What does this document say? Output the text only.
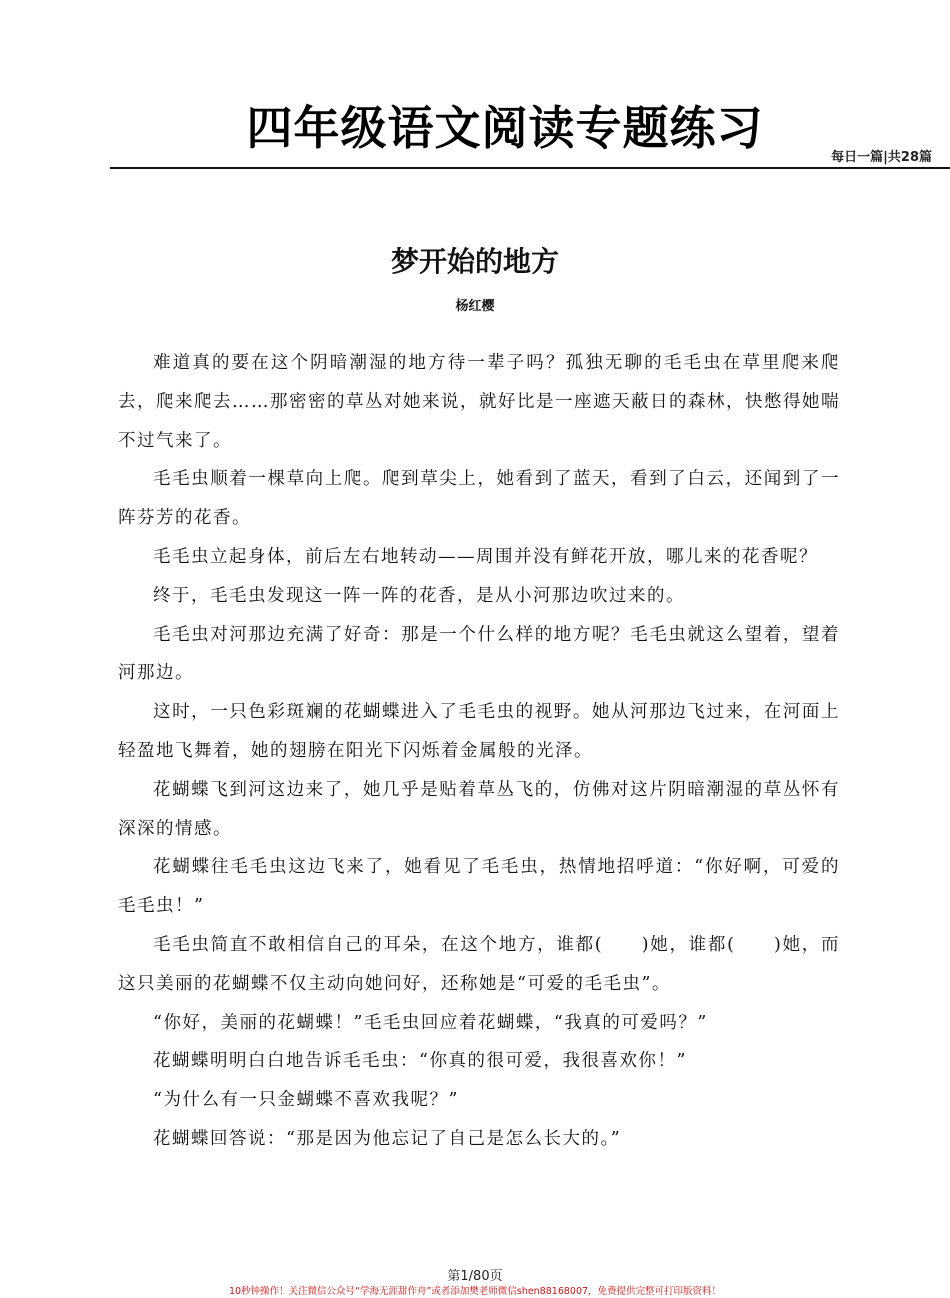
四年级语文阅读专题练习
每日一篇|共28篇
梦开始的地方
杨红樱

难道真的要在这个阴暗潮湿的地方待一辈子吗？孤独无聊的毛毛虫在草里爬来爬去，爬来爬去……那密密的草丛对她来说，就好比是一座遮天蔽日的森林，快憋得她喘不过气来了。

毛毛虫顺着一棵草向上爬。爬到草尖上，她看到了蓝天，看到了白云，还闻到了一阵芬芳的花香。

毛毛虫立起身体，前后左右地转动——周围并没有鲜花开放，哪儿来的花香呢？

终于，毛毛虫发现这一阵一阵的花香，是从小河那边吹过来的。

毛毛虫对河那边充满了好奇：那是一个什么样的地方呢？毛毛虫就这么望着，望着河那边。

这时，一只色彩斑斓的花蝴蝶进入了毛毛虫的视野。她从河那边飞过来，在河面上轻盈地飞舞着，她的翅膀在阳光下闪烁着金属般的光泽。

花蝴蝶飞到河这边来了，她几乎是贴着草丛飞的，仿佛对这片阴暗潮湿的草丛怀有深深的情感。

花蝴蝶往毛毛虫这边飞来了，她看见了毛毛虫，热情地招呼道：“你好啊，可爱的毛毛虫！”

毛毛虫简直不敢相信自己的耳朵，在这个地方，谁都(　　)她，谁都(　　)她，而这只美丽的花蝴蝶不仅主动向她问好，还称她是“可爱的毛毛虫”。

“你好，美丽的花蝴蝶！”毛毛虫回应着花蝴蝶，“我真的可爱吗？”

花蝴蝶明明白白地告诉毛毛虫：“你真的很可爱，我很喜欢你！”

“为什么有一只金蝴蝶不喜欢我呢？”

花蝴蝶回答说：“那是因为他忘记了自己是怎么长大的。”

第1/80页
10秒钟操作！关注微信公众号“学海无涯甜作舟”或者添加樊老师微信shen88168007，免费提供完整可打印版资料！
